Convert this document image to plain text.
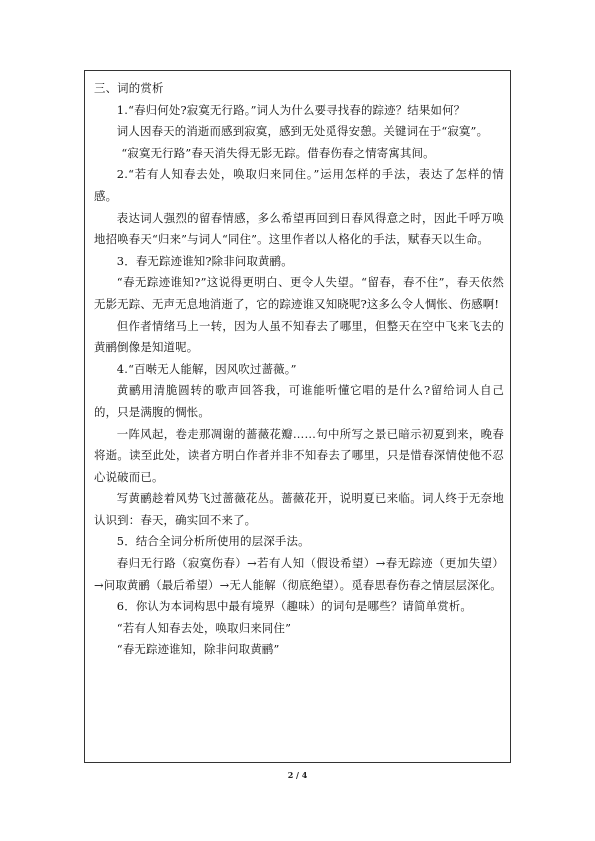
三、词的赏析

1.“春归何处?寂寞无行路。”词人为什么要寻找春的踪迹？结果如何？

词人因春天的消逝而感到寂寞，感到无处觅得安憩。关键词在于“寂寞”。

“寂寞无行路”春天消失得无影无踪。借春伤春之情寄寓其间。

2.“若有人知春去处，唤取归来同住。”运用怎样的手法，表达了怎样的情感。

表达词人强烈的留春情感，多么希望再回到日春风得意之时，因此千呼万唤地招唤春天“归来”与词人“同住”。这里作者以人格化的手法，赋春天以生命。

3．春无踪迹谁知?除非问取黄鹂。

“春无踪迹谁知?”这说得更明白、更令人失望。“留春，春不住”，春天依然无影无踪、无声无息地消逝了，它的踪迹谁又知晓呢?这多么令人惆怅、伤感啊!

但作者情绪马上一转，因为人虽不知春去了哪里，但整天在空中飞来飞去的黄鹂倒像是知道呢。

4.“百啭无人能解，因风吹过蔷薇。”

黄鹂用清脆圆转的歌声回答我，可谁能听懂它唱的是什么?留给词人自己的，只是满腹的惆怅。

一阵风起，卷走那凋谢的蔷薇花瓣……句中所写之景已暗示初夏到来，晚春将逝。读至此处，读者方明白作者并非不知春去了哪里，只是惜春深情使他不忍心说破而已。

写黄鹂趁着风势飞过蔷薇花丛。蔷薇花开，说明夏已来临。词人终于无奈地认识到：春天，确实回不来了。

5．结合全词分析所使用的层深手法。

春归无行路（寂寞伤春）→若有人知（假设希望）→春无踪迹（更加失望）→问取黄鹂（最后希望）→无人能解（彻底绝望）。觅春思春伤春之情层层深化。

6．你认为本词构思中最有境界（趣味）的词句是哪些？请简单赏析。

“若有人知春去处，唤取归来同住”

“春无踪迹谁知，除非问取黄鹂”

2 / 4
